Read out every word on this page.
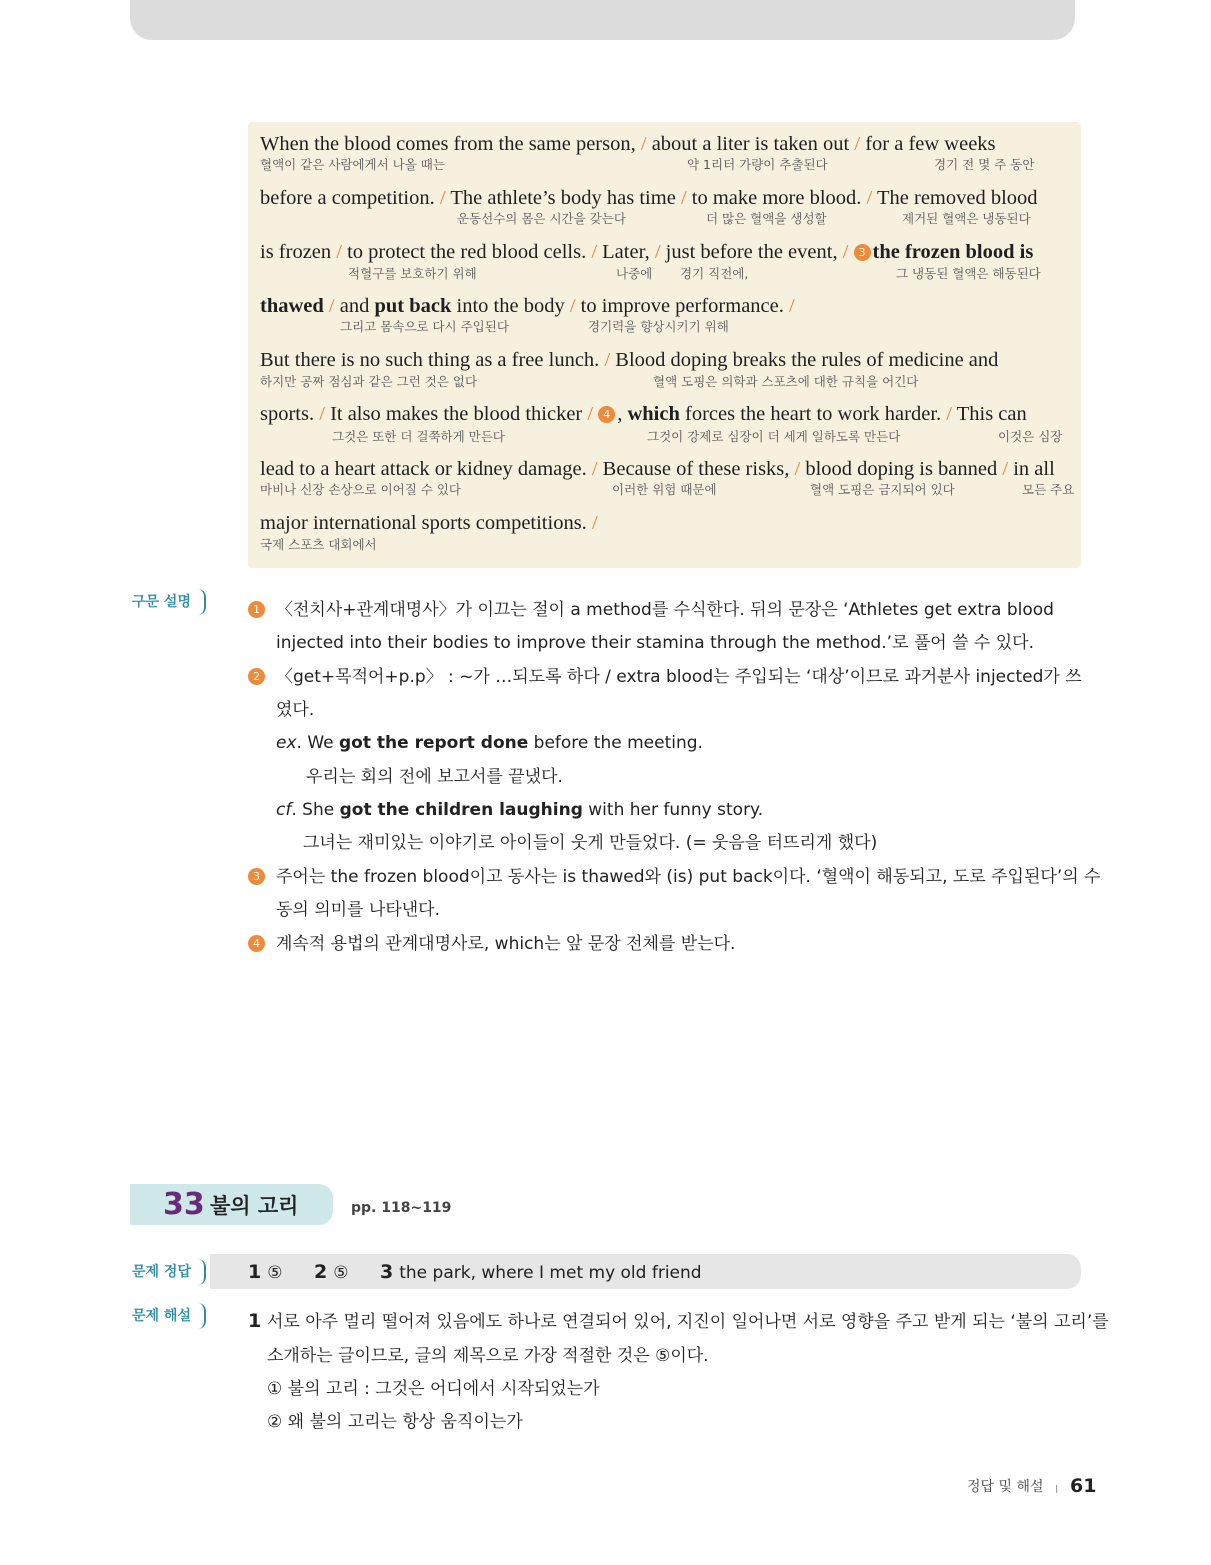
When the blood comes from the same person, / about a liter is taken out / for a few weeks
혈액이 같은 사람에게서 나올 때는	약 1리터 가량이 추출된다	경기 전 몇 주 동안
before a competition. / The athlete’s body has time / to make more blood. / The removed blood
운동선수의 몸은 시간을 갖는다	더 많은 혈액을 생성할	제거된 혈액은 냉동된다
is frozen / to protect the red blood cells. / Later, / just before the event, / 3 the frozen blood is
적혈구를 보호하기 위해	나중에 경기 직전에,	그 냉동된 혈액은 해동된다
thawed / and put back into the body / to improve performance. /
그리고 몸속으로 다시 주입된다	경기력을 향상시키기 위해
But there is no such thing as a free lunch. / Blood doping breaks the rules of medicine and
하지만 공짜 점심과 같은 그런 것은 없다	혈액 도핑은 의학과 스포츠에 대한 규칙을 어긴다
sports. / It also makes the blood thicker / 4 , which forces the heart to work harder. / This can
그것은 또한 더 걸쭉하게 만든다	그것이 강제로 심장이 더 세게 일하도록 만든다	이것은 심장
lead to a heart attack or kidney damage. / Because of these risks, / blood doping is banned / in all
마비나 신장 손상으로 이어질 수 있다	이러한 위험 때문에	혈액 도핑은 금지되어 있다	모든 주요
major international sports competitions. /
국제 스포츠 대회에서
구문 설명	1 〈전치사+관계대명사〉가 이끄는 절이 a method를 수식한다. 뒤의 문장은 ‘Athletes get extra blood
injected into their bodies to improve their stamina through the method.’로 풀어 쓸 수 있다.
2 〈get+목적어+p.p〉 : ~가 …되도록 하다 / extra blood는 주입되는 ‘대상’이므로 과거분사 injected가 쓰
였다.
ex. We got the report done before the meeting.
우리는 회의 전에 보고서를 끝냈다.
cf. She got the children laughing with her funny story.
그녀는 재미있는 이야기로 아이들이 웃게 만들었다. (= 웃음을 터뜨리게 했다)
3 주어는 the frozen blood이고 동사는 is thawed와 (is) put back이다. ‘혈액이 해동되고, 도로 주입된다’의 수
동의 의미를 나타낸다.
4 계속적 용법의 관계대명사로, which는 앞 문장 전체를 받는다.
33 불의 고리	pp. 118~119
문제 정답	1 ⑤ 2 ⑤ 3 the park, where I met my old friend
문제 해설	1 서로 아주 멀리 떨어져 있음에도 하나로 연결되어 있어, 지진이 일어나면 서로 영향을 주고 받게 되는 ‘불의 고리’를
소개하는 글이므로, 글의 제목으로 가장 적절한 것은 ⑤이다.
① 불의 고리 : 그것은 어디에서 시작되었는가
② 왜 불의 고리는 항상 움직이는가
정답 및 해설 I 61
